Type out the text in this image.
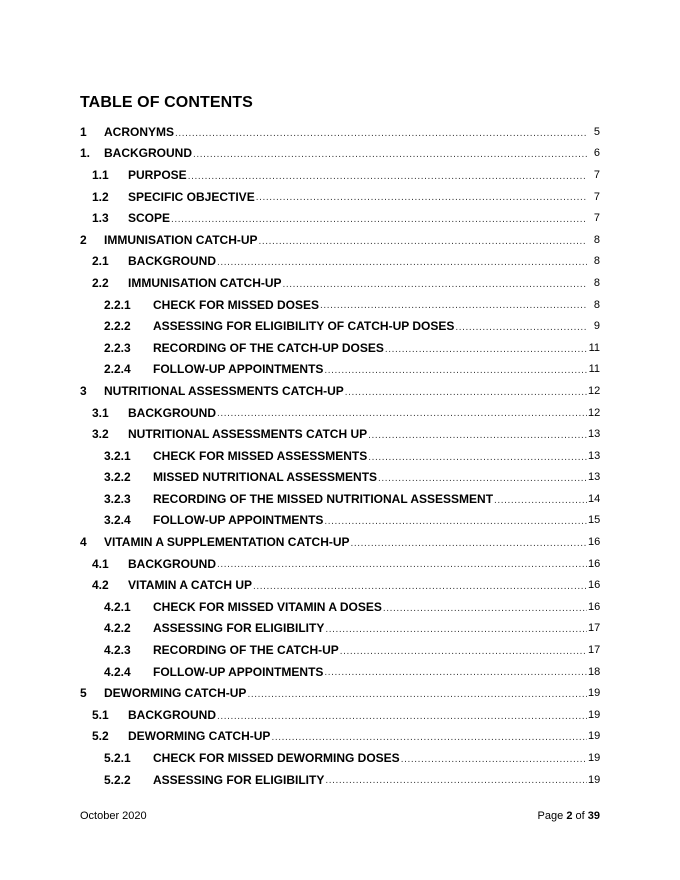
TABLE OF CONTENTS
1	ACRONYMS .....	5
1.	BACKGROUND .....	6
1.1	PURPOSE .....	7
1.2	SPECIFIC OBJECTIVE .....	7
1.3	SCOPE .....	7
2	IMMUNISATION CATCH-UP .....	8
2.1	BACKGROUND .....	8
2.2	IMMUNISATION CATCH-UP .....	8
2.2.1	CHECK FOR MISSED DOSES .....	8
2.2.2	ASSESSING FOR ELIGIBILITY OF CATCH-UP DOSES .....	9
2.2.3	RECORDING OF THE CATCH-UP DOSES .....	11
2.2.4	FOLLOW-UP APPOINTMENTS .....	11
3	NUTRITIONAL ASSESSMENTS CATCH-UP .....	12
3.1	BACKGROUND .....	12
3.2	NUTRITIONAL ASSESSMENTS CATCH UP .....	13
3.2.1	CHECK FOR MISSED ASSESSMENTS .....	13
3.2.2	MISSED NUTRITIONAL ASSESSMENTS .....	13
3.2.3	RECORDING OF THE MISSED NUTRITIONAL ASSESSMENT .....	14
3.2.4	FOLLOW-UP APPOINTMENTS .....	15
4	VITAMIN A SUPPLEMENTATION CATCH-UP .....	16
4.1	BACKGROUND .....	16
4.2	VITAMIN A CATCH UP .....	16
4.2.1	CHECK FOR MISSED VITAMIN A DOSES .....	16
4.2.2	ASSESSING FOR ELIGIBILITY .....	17
4.2.3	RECORDING OF THE CATCH-UP .....	17
4.2.4	FOLLOW-UP APPOINTMENTS .....	18
5	DEWORMING CATCH-UP .....	19
5.1	BACKGROUND .....	19
5.2	DEWORMING CATCH-UP .....	19
5.2.1	CHECK FOR MISSED DEWORMING DOSES .....	19
5.2.2	ASSESSING FOR ELIGIBILITY .....	19
October 2020	Page 2 of 39
